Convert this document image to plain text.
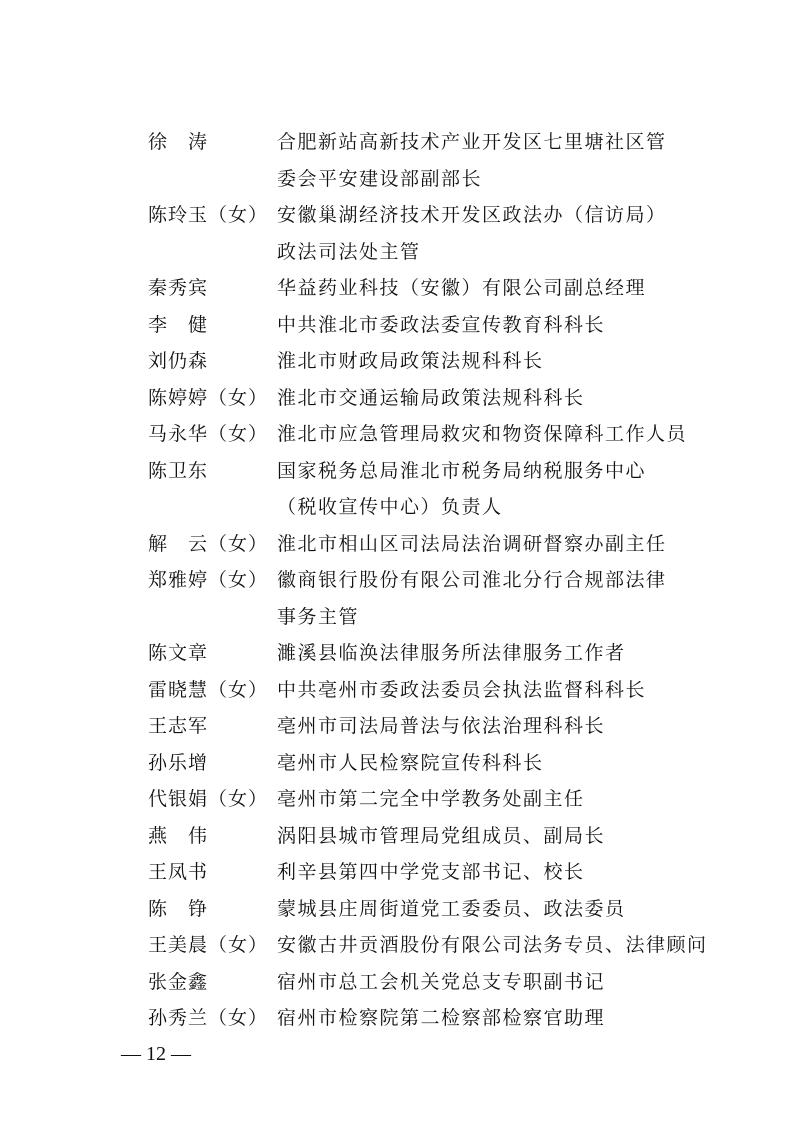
徐　涛	合肥新站高新技术产业开发区七里塘社区管
委会平安建设部副部长
陈玲玉（女） 安徽巢湖经济技术开发区政法办（信访局）
政法司法处主管
秦秀宾	华益药业科技（安徽）有限公司副总经理
李　健	中共淮北市委政法委宣传教育科科长
刘仍森	淮北市财政局政策法规科科长
陈婷婷（女） 淮北市交通运输局政策法规科科长
马永华（女） 淮北市应急管理局救灾和物资保障科工作人员
陈卫东	国家税务总局淮北市税务局纳税服务中心
（税收宣传中心）负责人
解　云（女） 淮北市相山区司法局法治调研督察办副主任
郑雅婷（女） 徽商银行股份有限公司淮北分行合规部法律
事务主管
陈文章	濉溪县临涣法律服务所法律服务工作者
雷晓慧（女） 中共亳州市委政法委员会执法监督科科长
王志军	亳州市司法局普法与依法治理科科长
孙乐增	亳州市人民检察院宣传科科长
代银娟（女） 亳州市第二完全中学教务处副主任
燕　伟	涡阳县城市管理局党组成员、副局长
王凤书	利辛县第四中学党支部书记、校长
陈　铮	蒙城县庄周街道党工委委员、政法委员
王美晨（女） 安徽古井贡酒股份有限公司法务专员、法律顾问
张金鑫	宿州市总工会机关党总支专职副书记
孙秀兰（女） 宿州市检察院第二检察部检察官助理
— 12 —
